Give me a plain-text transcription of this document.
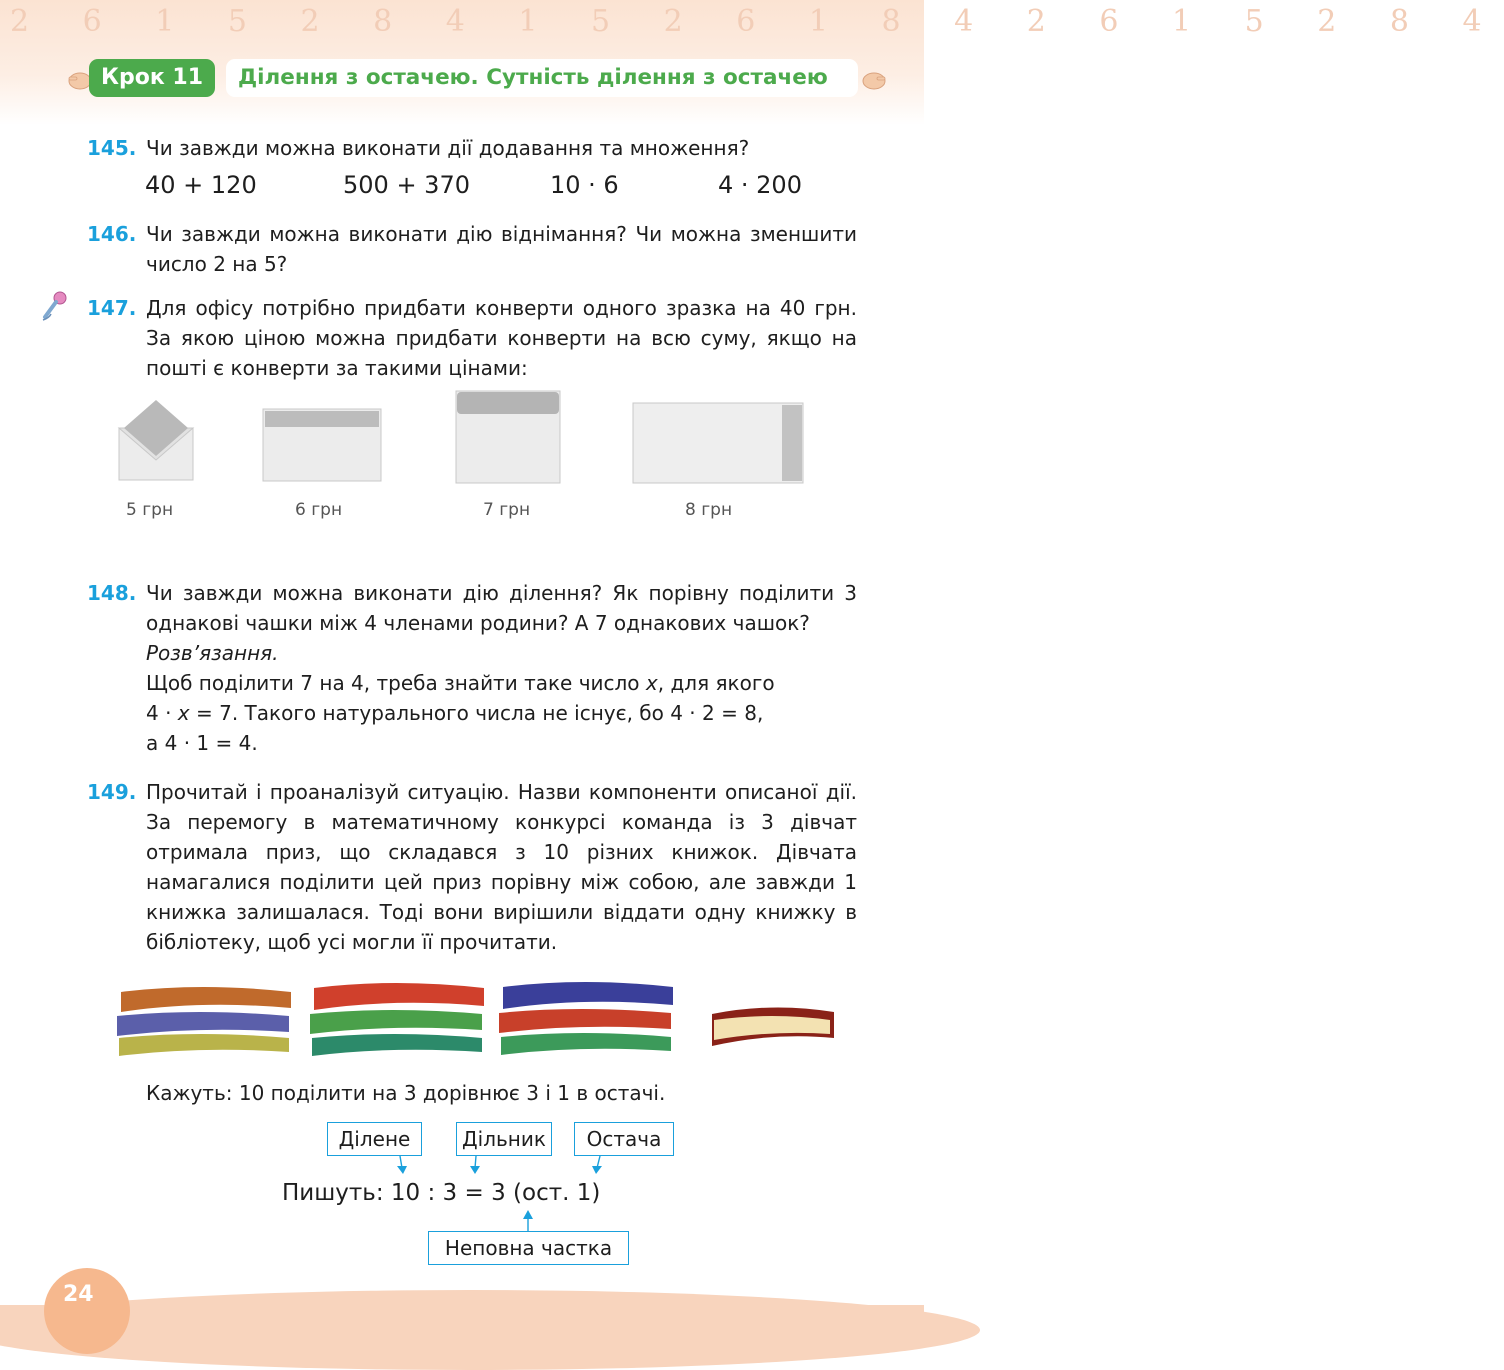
2 6 1 5 2 8 4 1 5 2 6 1 8 4 2 6 1 5 2 8 4
Крок 11	Ділення з остачею. Сутність ділення з остачею
145. Чи завжди можна виконати дії додавання та множення?
40 + 120	500 + 370	10 · 6	4 · 200
146. Чи завжди можна виконати дію віднімання? Чи можна зменшити число 2 на 5?
147. Для офісу потрібно придбати конверти одного зразка на 40 грн. За якою ціною можна придбати конверти на всю суму, якщо на пошті є конверти за такими цінами:
5 грн	6 грн	7 грн	8 грн
148. Чи завжди можна виконати дію ділення? Як порівну поділити 3 однакові чашки між 4 членами родини? А 7 однакових чашок?
Розв’язання.
Щоб поділити 7 на 4, треба знайти таке число x, для якого
4 · x = 7. Такого натурального числа не існує, бо 4 · 2 = 8,
а 4 · 1 = 4.
149. Прочитай і проаналізуй ситуацію. Назви компоненти описаної дії. За перемогу в математичному конкурсі команда із 3 дівчат отримала приз, що складався з 10 різних книжок. Дівчата намагалися поділити цей приз порівну між собою, але завжди 1 книжка залишалася. Тоді вони вирішили віддати одну книжку в бібліотеку, щоб усі могли її прочитати.
Кажуть: 10 поділити на 3 дорівнює 3 і 1 в остачі.
Ділене	Дільник	Остача
Пишуть: 10 : 3 = 3 (ост. 1)
Неповна частка
24
